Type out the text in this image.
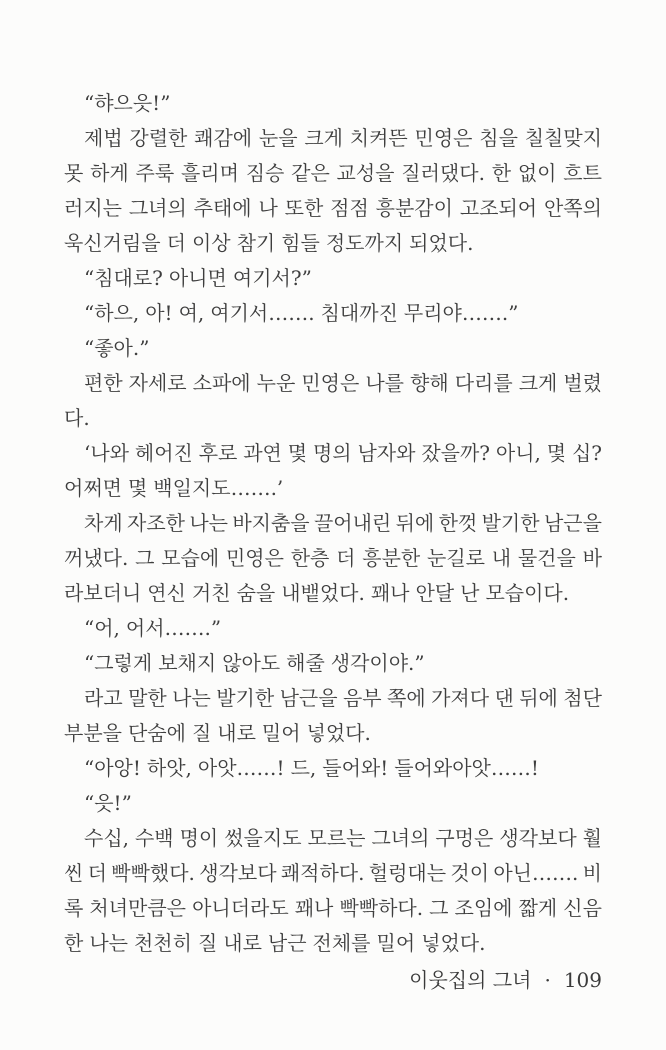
“햐으읏!”
제법 강렬한 쾌감에 눈을 크게 치켜뜬 민영은 침을 칠칠맞지
못 하게 주룩 흘리며 짐승 같은 교성을 질러댔다. 한 없이 흐트
러지는 그녀의 추태에 나 또한 점점 흥분감이 고조되어 안쪽의
욱신거림을 더 이상 참기 힘들 정도까지 되었다.
“침대로? 아니면 여기서?”
“하으, 아! 여, 여기서……. 침대까진 무리야…….”
“좋아.”
편한 자세로 소파에 누운 민영은 나를 향해 다리를 크게 벌렸
다.
‘나와 헤어진 후로 과연 몇 명의 남자와 잤을까? 아니, 몇 십?
어쩌면 몇 백일지도…….’
차게 자조한 나는 바지춤을 끌어내린 뒤에 한껏 발기한 남근을
꺼냈다. 그 모습에 민영은 한층 더 흥분한 눈길로 내 물건을 바
라보더니 연신 거친 숨을 내뱉었다. 꽤나 안달 난 모습이다.
“어, 어서…….”
“그렇게 보채지 않아도 해줄 생각이야.”
라고 말한 나는 발기한 남근을 음부 쪽에 가져다 댄 뒤에 첨단
부분을 단숨에 질 내로 밀어 넣었다.
“아앙! 하앗, 아앗……! 드, 들어와! 들어와아앗……!
“읏!”
수십, 수백 명이 썼을지도 모르는 그녀의 구멍은 생각보다 훨
씬 더 빡빡했다. 생각보다 쾌적하다. 헐렁대는 것이 아닌……. 비
록 처녀만큼은 아니더라도 꽤나 빡빡하다. 그 조임에 짧게 신음
한 나는 천천히 질 내로 남근 전체를 밀어 넣었다.
이웃집의 그녀 · 109
